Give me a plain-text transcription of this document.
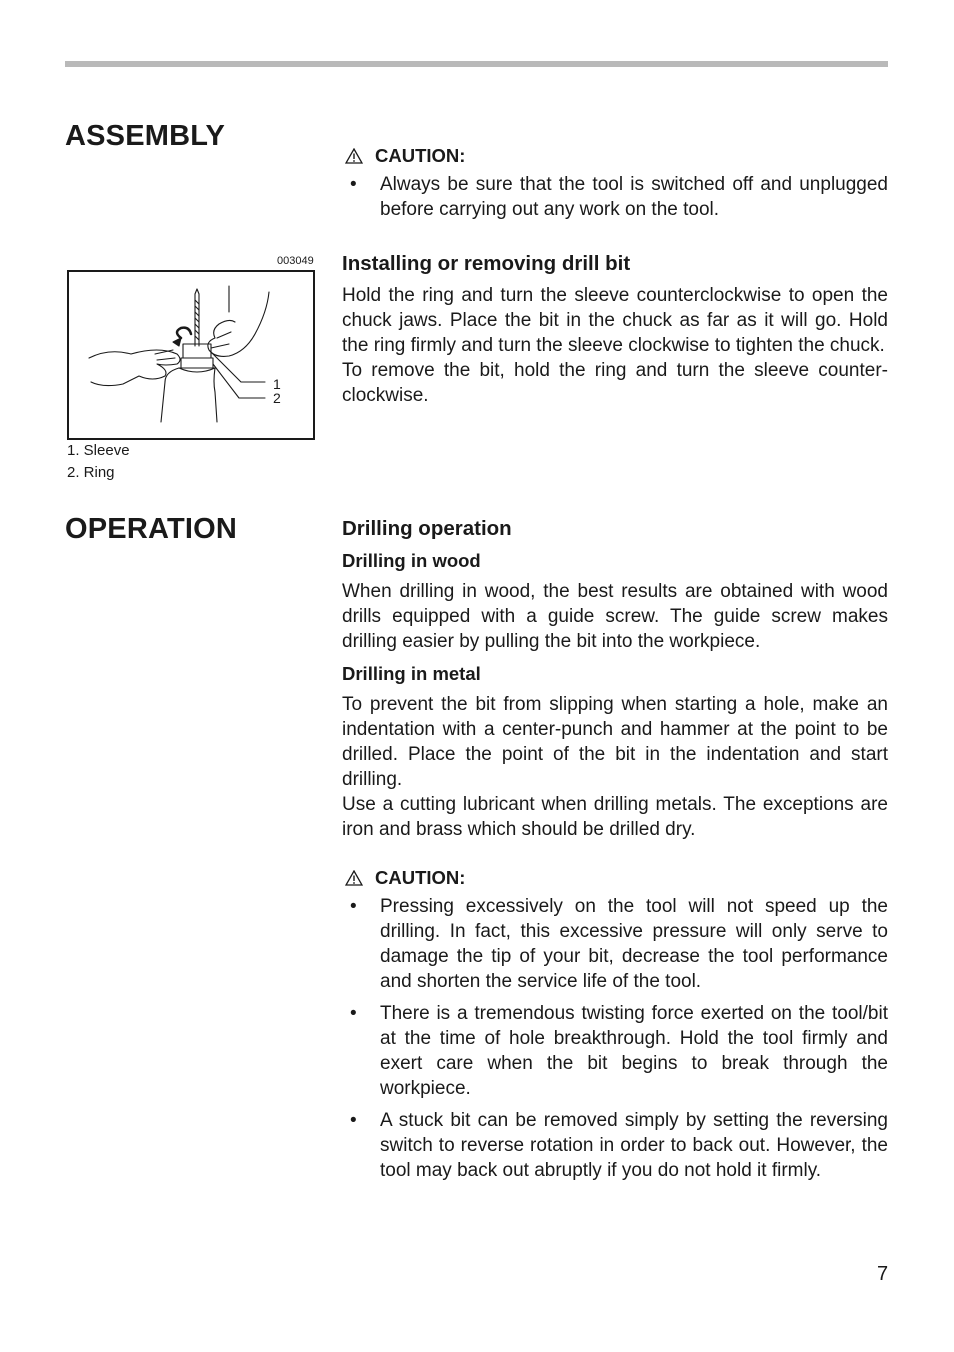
ASSEMBLY
CAUTION:
• Always be sure that the tool is switched off and unplugged before carrying out any work on the tool.
003049
1
2
1. Sleeve
2. Ring
Installing or removing drill bit

Hold the ring and turn the sleeve counterclockwise to open the chuck jaws. Place the bit in the chuck as far as it will go. Hold the ring firmly and turn the sleeve clockwise to tighten the chuck.

To remove the bit, hold the ring and turn the sleeve counter-clockwise.

OPERATION	Drilling operation
Drilling in wood

When drilling in wood, the best results are obtained with wood drills equipped with a guide screw. The guide screw makes drilling easier by pulling the bit into the workpiece.

Drilling in metal

To prevent the bit from slipping when starting a hole, make an indentation with a center-punch and hammer at the point to be drilled. Place the point of the bit in the indentation and start drilling.

Use a cutting lubricant when drilling metals. The exceptions are iron and brass which should be drilled dry.

CAUTION:
• Pressing excessively on the tool will not speed up the drilling. In fact, this excessive pressure will only serve to damage the tip of your bit, decrease the tool performance and shorten the service life of the tool.
• There is a tremendous twisting force exerted on the tool/bit at the time of hole breakthrough. Hold the tool firmly and exert care when the bit begins to break through the workpiece.
• A stuck bit can be removed simply by setting the reversing switch to reverse rotation in order to back out. However, the tool may back out abruptly if you do not hold it firmly.
7
